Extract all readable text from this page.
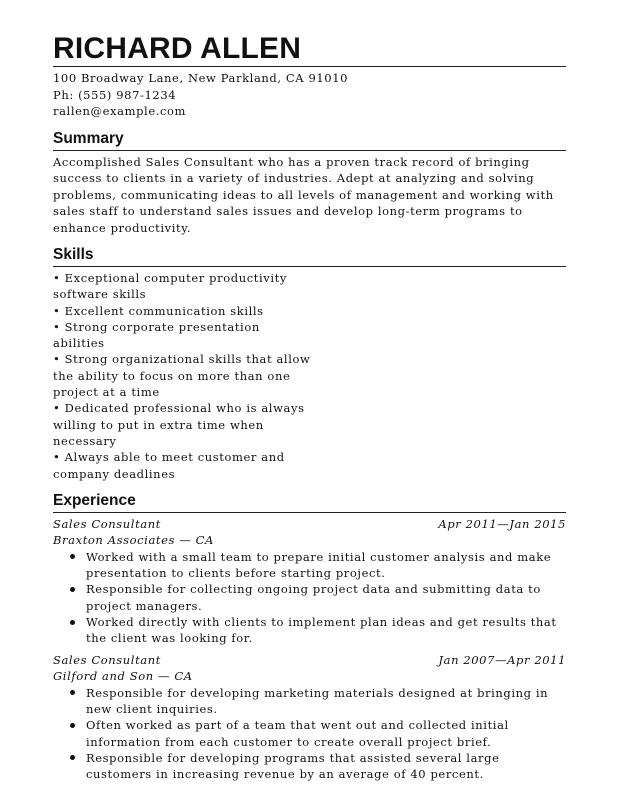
RICHARD ALLEN
100 Broadway Lane, New Parkland, CA 91010
Ph: (555) 987-1234
rallen@example.com
Summary
Accomplished Sales Consultant who has a proven track record of bringing success to clients in a variety of industries. Adept at analyzing and solving problems, communicating ideas to all levels of management and working with sales staff to understand sales issues and develop long-term programs to enhance productivity.
Skills
• Exceptional computer productivity software skills
• Excellent communication skills
• Strong corporate presentation abilities
• Strong organizational skills that allow the ability to focus on more than one project at a time
• Dedicated professional who is always willing to put in extra time when necessary
• Always able to meet customer and company deadlines
Experience
Sales Consultant	Apr 2011—Jan 2015
Braxton Associates — CA
Worked with a small team to prepare initial customer analysis and make presentation to clients before starting project.
Responsible for collecting ongoing project data and submitting data to project managers.
Worked directly with clients to implement plan ideas and get results that the client was looking for.
Sales Consultant	Jan 2007—Apr 2011
Gilford and Son — CA
Responsible for developing marketing materials designed at bringing in new client inquiries.
Often worked as part of a team that went out and collected initial information from each customer to create overall project brief.
Responsible for developing programs that assisted several large customers in increasing revenue by an average of 40 percent.
